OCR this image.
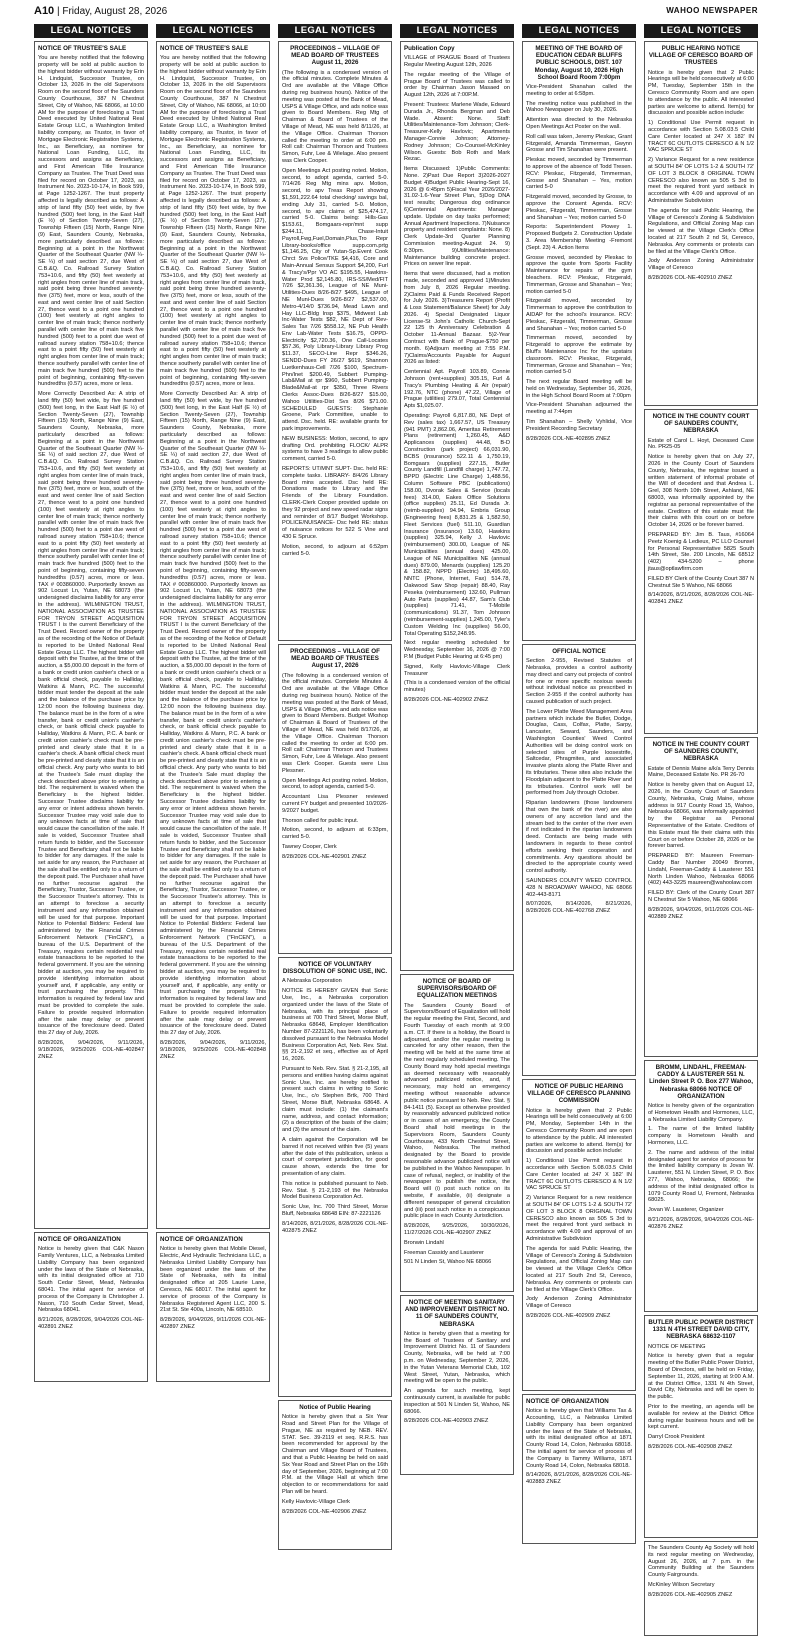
A10 | Friday, August 28, 2026	WAHOO NEWSPAPER
LEGAL NOTICES
NOTICE OF TRUSTEE'S SALE

You are hereby notified that the following property will be sold at public auction to the highest bidder without warranty by Erin H. Lindquist, Successor Trustee, on October 13, 2026 in the old Supervisors Room on the second floor of the Saunders County Courthouse, 387 N Chestnut Street, City of Wahoo, NE 68066, at 10:00 AM for the purpose of foreclosing a Trust Deed executed by United National Real Estate Group LLC, a Washington limited liability company, as Trustor, in favor of Mortgage Electronic Registration Systems, Inc., as Beneficiary, as nominee for National Loan Funding, LLC, its successors and assigns as Beneficiary, and First American Title Insurance Company as Trustee. The Trust Deed was filed for record on October 17, 2023, as Instrument No. 2023-10-174, in Book 599, at Page 1252-1267. The trust property affected is legally described as follows: A strip of land fifty (50) feet wide, by five hundred (500) feet long, in the East Half (E ½) of Section Twenty-Seven (27), Township Fifteen (15) North, Range Nine (9) East, Saunders County, Nebraska, more particularly described as follows: Beginning at a point in the Northwest Quarter of the Southeast Quarter (NW ¼-SE ¼) of said section 27, due West of C.B.&Q. Co. Railroad Survey Station 753+10.6, and fifty (50) feet westerly at right angles from center line of main track, said point being three hundred seventy-five (375) feet, more or less, south of the east and west center line of said Section 27, thence west to a point one hundred (100) feet westerly at right angles to center line of main track; thence northerly parallel with center line of main track five hundred (500) feet to a point due west of railroad survey station 758+10.6; thence east to a point fifty (50) feet westerly at right angles from center line of main track; thence southerly parallel with center line of main track five hundred (500) feet to the point of beginning, containing fifty-seven hundredths (0.57) acres, more or less.

More Correctly Described As: A strip of land fifty (50) feet wide, by five hundred (500) feet long, in the East Half (E ½) of Section Twenty-Seven (27), Township Fifteen (15) North, Range Nine (9) East, Saunders County, Nebraska, more particularly described as follows: Beginning at a point in the Northwest Quarter of the Southeast Quarter (NW ¼-SE ¼) of said section 27, due West of C.B.&Q. Co. Railroad Survey Station 753+10.6, and fifty (50) feet westerly at right angles from center line of main track, said point being three hundred seventy-five (375) feet, more or less, south of the east and west center line of said Section 27, thence west to a point one hundred (100) feet westerly at right angles to center line of main track; thence northerly parallel with center line of main track five hundred (500) feet to a point due west of railroad survey station 758+10.6; thence east to a point fifty (50) feet westerly at right angles from center line of main track; thence southerly parallel with center line of main track five hundred (500) feet to the point of beginning, containing fifty-seven hundredths (0.57) acres, more or less. TAX # 003860000. Purportedly known as 902 Locust Ln, Yutan, NE 68073 (the undersigned disclaims liability for any error in the address). WILMINGTON TRUST, NATIONAL ASSOCIATION AS TRUSTEE FOR TRYON STREET ACQUISITION TRUST I is the current Beneficiary of the Trust Deed. Record owner of the property as of the recording of the Notice of Default is reported to be United National Real Estate Group LLC. The highest bidder will deposit with the Trustee, at the time of the auction, a $5,000.00 deposit in the form of a bank or credit union cashier's check or a bank official check, payable to Halliday, Watkins & Mann, P.C. The successful bidder must tender the deposit at the sale and the balance of the purchase price by 12:00 noon the following business day. The balance must be in the form of a wire transfer, bank or credit union's cashier's check, or bank official check payable to Halliday, Watkins & Mann, P.C. A bank or credit union cashier's check must be pre-printed and clearly state that it is a cashier's check. A bank official check must be pre-printed and clearly state that it is an official check. Any party who wants to bid at the Trustee's Sale must display the check described above prior to entering a bid. The requirement is waived when the Beneficiary is the highest bidder. Successor Trustee disclaims liability for any error or intent address shown herein. Successor Trustee may void sale due to any unknown facts at time of sale that would cause the cancellation of the sale. If sale is voided, Successor Trustee shall return funds to bidder, and the Successor Trustee and Beneficiary shall not be liable to bidder for any damages. If the sale is set aside for any reason, the Purchaser at the sale shall be entitled only to a return of the deposit paid. The Purchaser shall have no further recourse against the Beneficiary, Trustor, Successor Trustee, or the Successor Trustee's attorney. This is an attempt to foreclose a security instrument and any information obtained will be used for that purpose. Important Notice to Potential Bidders: Federal law administered by the Financial Crimes Enforcement Network ("FinCEN"), a bureau of the U.S. Department of the Treasury, requires certain residential real estate transactions to be reported to the federal government. If you are the winning bidder at auction, you may be required to provide identifying information about yourself and, if applicable, any entity or trust purchasing the property. This information is required by federal law and must be provided to complete the sale. Failure to provide required information after the sale may delay or prevent issuance of the foreclosure deed. Dated this 27 day of July, 2026.

8/28/2026, 9/04/2026, 9/11/2026, 9/18/2026, 9/25/2026 COL-NE-402847 ZNEZ
NOTICE OF ORGANIZATION

Notice is hereby given that C&K Nason Family Ventures, LLC, a Nebraska Limited Liability Company has been organized under the laws of the State of Nebraska, with its initial designated office at 710 South Cedar Street, Mead, Nebraska 68041. The initial agent for service of process of the Company is Christopher J. Nason, 710 South Cedar Street, Mead, Nebraska 68041.

8/21/2026, 8/28/2026, 9/04/2026 COL-NE-402891 ZNEZ
LEGAL NOTICES
NOTICE OF TRUSTEE'S SALE

You are hereby notified that the following property will be sold at public auction to the highest bidder without warranty by Erin H. Lindquist, Successor Trustee, on October 13, 2026 in the old Supervisors Room on the second floor of the Saunders County Courthouse, 387 N Chestnut Street, City of Wahoo, NE 68066, at 10:00 AM for the purpose of foreclosing a Trust Deed executed by United National Real Estate Group LLC, a Washington limited liability company, as Trustor, in favor of Mortgage Electronic Registration Systems, Inc., as Beneficiary, as nominee for National Loan Funding, LLC, its successors and assigns as Beneficiary, and First American Title Insurance Company as Trustee. The Trust Deed was filed for record on October 17, 2023, as Instrument No. 2023-10-174, in Book 599, at Page 1252-1267. The trust property affected is legally described as follows: A strip of land fifty (50) feet wide, by five hundred (500) feet long, in the East Half (E ½) of Section Twenty-Seven (27), Township Fifteen (15) North, Range Nine (9) East, Saunders County, Nebraska, more particularly described as follows: Beginning at a point in the Northwest Quarter of the Southeast Quarter (NW ¼-SE ¼) of said section 27, due West of C.B.&Q. Co. Railroad Survey Station 753+10.6, and fifty (50) feet westerly at right angles from center line of main track, said point being three hundred seventy-five (375) feet, more or less, south of the east and west center line of said Section 27, thence west to a point one hundred (100) feet westerly at right angles to center line of main track; thence northerly parallel with center line of main track five hundred (500) feet to a point due west of railroad survey station 758+10.6; thence east to a point fifty (50) feet westerly at right angles from center line of main track; thence southerly parallel with center line of main track five hundred (500) feet to the point of beginning, containing fifty-seven hundredths (0.57) acres, more or less.

More Correctly Described As: A strip of land fifty (50) feet wide, by five hundred (500) feet long, in the East Half (E ½) of Section Twenty-Seven (27), Township Fifteen (15) North, Range Nine (9) East, Saunders County, Nebraska, more particularly described as follows: Beginning at a point in the Northwest Quarter of the Southeast Quarter (NW ¼-SE ¼) of said section 27, due West of C.B.&Q. Co. Railroad Survey Station 753+10.6, and fifty (50) feet westerly at right angles from center line of main track, said point being three hundred seventy-five (375) feet, more or less, south of the east and west center line of said Section 27, thence west to a point one hundred (100) feet westerly at right angles to center line of main track; thence northerly parallel with center line of main track five hundred (500) feet to a point due west of railroad survey station 758+10.6; thence east to a point fifty (50) feet westerly at right angles from center line of main track; thence southerly parallel with center line of main track five hundred (500) feet to the point of beginning, containing fifty-seven hundredths (0.57) acres, more or less. TAX # 003860000. Purportedly known as 902 Locust Ln, Yutan, NE 68073 (the undersigned disclaims liability for any error in the address). WILMINGTON TRUST, NATIONAL ASSOCIATION AS TRUSTEE FOR TRYON STREET ACQUISITION TRUST I is the current Beneficiary of the Trust Deed. Record owner of the property as of the recording of the Notice of Default is reported to be United National Real Estate Group LLC. The highest bidder will deposit with the Trustee, at the time of the auction, a $5,000.00 deposit in the form of a bank or credit union cashier's check or a bank official check, payable to Halliday, Watkins & Mann, P.C. The successful bidder must tender the deposit at the sale and the balance of the purchase price by 12:00 noon the following business day. The balance must be in the form of a wire transfer, bank or credit union's cashier's check, or bank official check payable to Halliday, Watkins & Mann, P.C. A bank or credit union cashier's check must be pre-printed and clearly state that it is a cashier's check. A bank official check must be pre-printed and clearly state that it is an official check. Any party who wants to bid at the Trustee's Sale must display the check described above prior to entering a bid. The requirement is waived when the Beneficiary is the highest bidder. Successor Trustee disclaims liability for any error or intent address shown herein. Successor Trustee may void sale due to any unknown facts at time of sale that would cause the cancellation of the sale. If sale is voided, Successor Trustee shall return funds to bidder, and the Successor Trustee and Beneficiary shall not be liable to bidder for any damages. If the sale is set aside for any reason, the Purchaser at the sale shall be entitled only to a return of the deposit paid. The Purchaser shall have no further recourse against the Beneficiary, Trustor, Successor Trustee, or the Successor Trustee's attorney. This is an attempt to foreclose a security instrument and any information obtained will be used for that purpose. Important Notice to Potential Bidders: Federal law administered by the Financial Crimes Enforcement Network ("FinCEN"), a bureau of the U.S. Department of the Treasury, requires certain residential real estate transactions to be reported to the federal government. If you are the winning bidder at auction, you may be required to provide identifying information about yourself and, if applicable, any entity or trust purchasing the property. This information is required by federal law and must be provided to complete the sale. Failure to provide required information after the sale may delay or prevent issuance of the foreclosure deed. Dated this 27 day of July, 2026.

8/28/2026, 9/04/2026, 9/11/2026, 9/18/2026, 9/25/2026 COL-NE-402848 ZNEZ
NOTICE OF ORGANIZATION

Notice is hereby given that Mobile Diesel, Electric, And Hydraulic Technicians LLC, a Nebraska Limited Liability Company has been organized under the laws of the State of Nebraska, with its initial designated office at 205 Laurie Lane, Ceresco, NE 68017. The initial agent for service of process of the Company is Nebraska Registered Agent LLC, 200 S. 21st St. Ste 400a, Lincoln, NE 68510.

8/28/2026, 9/04/2026, 9/11/2026 COL-NE-402897 ZNEZ
LEGAL NOTICES
PROCEEDINGS – VILLAGE OF MEAD BOARD OF TRUSTEES August 11, 2026

(The following is a condensed version of the official minutes. Complete Minutes & Ord are available at the Village Office during reg business hours). Notice of the meeting was posted at the Bank of Mead, USPS & Village Office, and ads notice was given to Board Members. Reg Mtg of Chairman & Board of Trustees of the Village of Mead, NE was held 8/11/26, at the Village Office. Chairman Thorson called the meeting to order at 6:00 pm. Roll call: Chairman Thorson and Trustees Simon, Fuhr, Lee & Wielage. Also present was Clerk Cooper.

Open Meetings Act posting noted. Motion, second, to adopt agenda, carried 5-0. 7/14/26 Reg Mtg mins apv. Motion, second, to apv Treas Report showing $1,591,222.64 total checking/ savings bal, ending July 31, carried 5-0. Motion, second, to apv claims of $25,474.17, carried 5-0. Claims being: Hills-Gas $153.61, Bomgaars-repr/mnt supp $244.11, Chase-Intuit Payroll,Fwg,Fuel,Domain,Plus,Tro Repr Library-books/office supp.com.prtg $1,146.25, City of Yutan-Sp.Event Cook Chrct Svs Police/TKE $4,416, Core and Main-Annual Sensus Support $4,200, Furl & Tracy's/Ppr VO AC $195.55, Hawkins-Water Prod $2,145.80, IRS-SS/Med/FIT 7/26 $2,361.36, League of NE Muni-Utilities-Dues 8/26-8/27 $495, League of NE Muni-Dues 9/26-8/27 $2,537.00, Metro-4/14/0 $736.94, Mead Lawn and Hay LLC-Bldg Insp $375, Midwest Lab Inc-Water Tests $82, NE Dept of Rev-Sales Tax 7/26 $558.12, NE Pub Health Env Lab-Water Tests $16.75, OPPD-Electricity $2,720.36, One Call-Locates $57.36, Poly Library-Library Library Prog $11.37, SECO-Line Repr $346.26, SENDD-Dues FY 26/27 $619, Shannon Luetkenhaus-Cell 7/26 $100, Spectrum-Phn/Inet $200.49, Subbert Pumping-Lab&Mail at rpr $960, Subbert Pumping-Blade&Mail-at rpr $350, Three Rivers Clerks Assoc-Dues 8/26-8/27 $15.00, Wahoo Utilities-Dist Svs 8/26 $71.00. SCHEDULED GUESTS: Stephanie Groene, Park Committee, unable to attend. Dsc. held. RE: available grants for park improvements.

NEW BUSINESS: Motion, second, to apv drafting Ord. prohibiting FLOCK/ ALPR systems to have 3 readings to allow public comment, carried 5-0.

REPORTS: UT/MNT SUPT- Dsc. held RE: complete tasks. LIBRARY- 8/4/26 Library Board mins accepted. Dsc held RE: Donations made to Library and the Friends of the Library Foundation. CLERK-Clerk Cooper provided update on they 92 project and new speed radar signs and reminder of 8/17 Budget Workshop. POLICE/NUISANCE- Dsc held RE: status of nuisance notices for 522 S Vine and 430 E Spruce.

Motion, second, to adjourn at 6:52pm carried 5-0.

PROCEEDINGS – VILLAGE OF MEAD BOARD OF TRUSTEES August 17, 2026

(The following is a condensed version of the official minutes. Complete Minutes & Ord are available at the Village Office during reg business hours). Notice of the meeting was posted at the Bank of Mead, USPS & Village Office, and ads notice was given to Board Members. Budget Wkshop of Chairman & Board of Trustees of the Village of Mead, NE was held 8/17/26, at the Village Office. Chairman Thorson called the meeting to order at 6:00 pm. Roll call: Chairman Thorson and Trustees Simon, Fuhr, Lee & Wielage. Also present was Clerk Cooper. Guests were Lisa Plessner.

Open Meetings Act posting noted. Motion, second, to adopt agenda, carried 5-0.

Accountant Lisa Plessner reviewed current FY budget and presented 10/2026-9/2027 budget.

Thorson called for public input.

Motion, second, to adjourn at 6:33pm, carried 5-0.

Tawney Cooper, Clerk

8/28/2026 COL-NE-402901 ZNEZ
NOTICE OF VOLUNTARY DISSOLUTION OF SONIC USE, INC.

A Nebraska Corporation

NOTICE IS HEREBY GIVEN that Sonic Use, Inc., a Nebraska corporation organized under the laws of the State of Nebraska, with its principal place of business at 700 Third Street, Morse Bluff, Nebraska 68648, Employer Identification Number 87-2221126, has been voluntarily dissolved pursuant to the Nebraska Model Business Corporation Act, Neb. Rev. Stat. §§ 21-2,192 et seq., effective as of April 16, 2026.

Pursuant to Neb. Rev. Stat. § 21-2,195, all persons and entities having claims against Sonic Use, Inc. are hereby notified to present such claims in writing to Sonic Use, Inc., c/o Stephen Brtk, 700 Third Street, Morse Bluff, Nebraska 68648. A claim must include: (1) the claimant's name, address, and contact information; (2) a description of the basis of the claim; and (3) the amount of the claim.

A claim against the Corporation will be barred if not received within five (5) years after the date of this publication, unless a court of competent jurisdiction, for good cause shown, extends the time for presentation of any claim.

This notice is published pursuant to Neb. Rev. Stat. § 21-2,193 of the Nebraska Model Business Corporation Act.

Sonic Use, Inc. 700 Third Street, Morse Bluff, Nebraska 68648 EIN: 87-2221126

8/14/2026, 8/21/2026, 8/28/2026 COL-NE-402875 ZNEZ
Notice of Public Hearing

Notice is hereby given that a Six Year Road and Street Plan for the Village of Prague, NE as required by NEB. REV. STAT. Sec. 39-2119 et seq. R.R.S. has been recommended for approval by the Chairman and Village Board of Trustees, and that a Public Hearing be held on said Six Year Road and Street Plan on the 16th day of September, 2026, beginning at 7:00 P.M. at the Village Hall at which time objection to or recommendations for said Plan will be heard.

Kelly Havlovic-Village Clerk

8/28/2026 COL-NE-402906 ZNEZ
LEGAL NOTICES
Publication Copy

VILLAGE of PRAGUE Board of Trustees Regular Meeting August 12th, 2026

The regular meeting of the Village of Prague Board of Trustees was called to order by Chairman Jason Masaed on August 12th, 2026 at 7:00P.M.

Present: Trustees: Marlene Wade, Edward Durada Jr., Rhonda Bergman and Deb Wade. Absent: None. Staff: Utilities/Maintenance-Tom Johnson; Clerk-Treasurer-Kelly Havlovic; Apartments Manager-Connie Johnson; Attorney-Rodney Johnson; Co-Counsel-McKinley Wilson. Guests: Bob Roth and Mark Rezac.

Items Discussed: 1)Public Comments: None. 2)Past Due Report 3)2026-2027 Budget 4)Budget Public Hearing-Sept 16, 2026 @ 6:45pm 5)Fiscal Year 2026/2027-31.02-1.6-Year Street Plan, 5)Dog DNA test results; Dangerous dog ordinance 6)Centennial Apartments: Manager update. Update on day tasks performed; Annual Apartment Inspections. 7)Nuisance property and resident complaints: None. 8) Clerk Update-3rd Quarter Planning Commission meeting-August 24. 9) 6:30pm. 9)Utilities/Maintenance: Maintenance building concrete project. Prices on sewer line repair.

Items that were discussed, had a motion made, seconded and approved 1)Minutes from July 8, 2026 Regular meeting. 2)Claims Paid & Funds Received Report for July 2026. 3)Treasurers Report (Profit & Loss Statement/Balance Sheet) for July 2026. 4) Special Designated Liquor License-St John's Catholic Church-Sept 22 125 th Anniversary Celebration & October 11-Annual Bazaar. 5)2-Year Contract with Bank of Prague-$750 per month. 6)Adjourn meeting at 7:55 P.M. 7)Claims/Accounts Payable for August 2026 as listed:

Centennial Apt. Payroll 103.89, Connie Johnson (rent+supplies) 305.15, Furl & Tracy's Plumbing Heating & Air (repair) 192.76, NTC (phone) 47.22, Village of Prague (utilities) 279.07, Total Centennial Apts $1,025.07.

Operating: Payroll 6,817.80, NE Dept of Rev (sales tax) 1,667.57, US Treasury (941 PMT) 2,862.06, Ameritas Retirement Plans (retirement) 1,260.45, A&D Applicances (supplies) 44.48, B-D Construction (park project) 66,031.90, BCBS (insurance) 522.11 & 1,750.19, Bomgaars (supplies) 227.15, Butler County Landfill (Landfill charge) 1,747.72, BPPD (Electric Line Charge) 1,488.56, Column Software PBC (publications) 158.00, Dvorak Sales & Service (locals fees) 314.00, Eakes Office Solutions (office supplies) 25.11, Ed Durada Jr. (reimb-supplies) 94.94, Embria Group (Engineering fees) 8,831.25 & 1,582.50, Fleet Services (fuel) 511.10, Guardian Insurance (insurance) 13.60, Hawkins (supplies) 325.94, Kelly J. Havlovic (reimbursement) 300.00, League of NE Municipalities (annual dues) 425.00, League of NE Municipalities NE (annual dues) 879.00, Menards (supplies) 125.20 & 158.82, NPPD (Electric) 18,495.60, NNTC (Phone, Internet, Fax) 514.78, Oakwood Saw Shop (repair) 88.40, Ray Peseka (reimbursement) 132.60, Pullman Auto Parts (supplies) 44.87, Sam's Club (supplies) 71.41, T-Mobile (communications) 91.37, Tom Johnson (reimbursement-supplies) 1,245.00, Tyler's Custom Welding Inc (supplies) 56.00, Total Operating $152,248.95.

Next regular meeting scheduled for Wednesday, September 16, 2026 @ 7:00 P.M (Budget Public Hearing at 6:45 pm)

Signed, Kelly Havlovic-Village Clerk Treasurer

(This is a condensed version of the official minutes)

8/28/2026 COL-NE-402902 ZNEZ
NOTICE OF BOARD OF SUPERVISORS/BOARD OF EQUALIZATION MEETINGS

The Saunders County Board of Supervisors/Board of Equalization will hold the regular meeting the First, Second, and Fourth Tuesday of each month at 9:00 a.m. CT. If there is a holiday, the Board is adjourned, and/or the regular meeting is canceled for any other reason, then the meeting will be held at the same time at the next regularly scheduled meeting. The County Board may hold special meetings as deemed necessary with reasonably advanced publicized notice, and, if necessary, may hold an emergency meeting without reasonable advance public notice pursuant to Neb. Rev. Stat. § 84-1411 (5). Except as otherwise provided by reasonably advanced publicized notice or in cases of an emergency, the County Board shall hold meetings in the Supervisors Room, Saunders County Courthouse, 433 North Chestnut Street, Wahoo, Nebraska. The method designated by the Board to provide reasonable advance publicized notice will be published in the Wahoo Newspaper. In case of refusal, neglect, or inability of the newspaper to publish the notice, the Board will (i) post such notice on its website, if available, (ii) designate a different newspaper of general circulation and (iii) post such notice in a conspicuous public place in each County Jurisdiction.

8/28/2026, 9/25/2026, 10/30/2026, 11/27/2026 COL-NE-402907 ZNEZ

Bronwin Lindahl

Freeman Cassidy and Lausterer

501 N Linden St, Wahoo NE 68066

NOTICE OF MEETING SANITARY AND IMPROVEMENT DISTRICT NO. 11 OF SAUNDERS COUNTY, NEBRASKA

Notice is hereby given that a meeting for the Board of Trustees of Sanitary and Improvement District No. 11 of Saunders County, Nebraska, will be held at 7:00 p.m. on Wednesday, September 2, 2026, in the Yutan Veterans Memorial Club, 102 West Street, Yutan, Nebraska, which meeting will be open to the public.

An agenda for such meeting, kept continuously current, is available for public inspection at 501 N Linden St, Wahoo, NE 68066.

8/28/2026 COL-NE-402903 ZNEZ
LEGAL NOTICES
MEETING OF THE BOARD OF EDUCATION CEDAR BLUFFS PUBLIC SCHOOLS, DIST. 107 Monday, August 10, 2026 High School Board Room 7:00pm

Vice-President Shanahan called the meeting to order at 6:58pm.

The meeting notice was published in the Wahoo Newspaper on July 30, 2026.

Attention was directed to the Nebraska Open Meetings Act Poster on the wall.

Roll call was taken, Jeremy Pleskac, Grant Fitzgerald, Amanda Timmerman, Gwynn Grosse and Tim Shanahan were present.

Pleskac moved, seconded by Timmerman to approve of the absence of Todd Tresen. RCV: Pleskac, Fitzgerald, Timmerman, Grosse and Shanahan – Yes, motion carried 5-0

Fitzgerald moved, seconded by Grosse, to approve the Consent Agenda. RCV: Pleskac, Fitzgerald, Timmerman, Grosse and Shanahan – Yes; motion carried 5-0

Reports: Superintendent Plowey 1. Proposed Budgets 2. Construction Update 3. Area Membership Meeting -Fremont (Sept. 23) 4. Action Items

Grosse moved, seconded by Pleskac to approve the quote from Sports Facility Maintenance for repairs of the gym bleachers. RCV: Pleskac, Fitzgerald, Timmerman, Grosse and Shanahan – Yes; motion carried 5-0

Fitzgerald moved, seconded by Timmerman to approve the contribution to AIDAP for the school's insurance. RCV: Pleskac, Fitzgerald, Timmerman, Grosse and Shanahan – Yes; motion carried 5-0

Timmerman moved, seconded by Fitzgerald to approve the estimate by Bluff's Maintenance Inc for the upstairs classroom. RCV: Pleskac, Fitzgerald, Timmerman, Grosse and Shanahan – Yes; motion carried 5-0

The next regular Board meeting will be held on Wednesday, September 16, 2026, in the High School Board Room at 7:00pm

Vice-President Shanahan adjourned the meeting at 7:44pm

Tim Shanahan – Shelly Vyhlidal, Vice President Recording Secretary

8/28/2026 COL-NE-402895 ZNEZ
OFFICIAL NOTICE

Section 2-955, Revised Statutes of Nebraska, provides a control authority may direct and carry out projects of control for one or more specific noxious weeds without individual notice as prescribed in Section 2-955 if the control authority has caused publication of such project.

The Lower Platte Weed Management Area partners which include the Butler, Dodge, Douglas, Cass, Colfax, Platte, Sarpy, Lancaster, Seward, Saunders, and Washington Counties' Weed Control Authorities will be doing control work on selected sites of Purple loosestrife, Saltcedar, Phragmites, and associated invasive plants along the Platte River and its tributaries. These sites also include the Floodplain adjacent to the Platte River and its tributaries. Control work will be performed from July through October.

Riparian landowners (those landowners that own the bank of the river) are also owners of any accretion land and the stream bed to the center of the river even if not indicated in the riparian landowners deed. Contacts are being made with landowners in regards to these control efforts seeking their cooperation and commitments. Any questions should be directed to the appropriate county weed control authority.

SAUNDERS COUNTY WEED CONTROL 428 N BROADWAY WAHOO, NE 68066 402-443-8171

8/07/2026, 8/14/2026, 8/21/2026, 8/28/2026 COL-NE-402768 ZNEZ
NOTICE OF PUBLIC HEARING VILLAGE OF CERESCO PLANNING COMMISSION

Notice is hereby given that 2 Public Hearings will be held consecutively at 6:00 PM, Monday, September 14th in the Ceresco Community Room and are open to attendance by the public. All interested parties are welcome to attend. Item(s) for discussion and possible action include:

1) Conditional Use Permit request in accordance with Section 5.08.03.5 Child Care Center located at 247 X 182' IN TRACT 6C OUTLOTS CERESCO & N 1/2 VAC SPRUCE ST

2) Variance Request for a new residence at SOUTH 84' OF LOTS 1-2 & SOUTH 72' OF LOT 3 BLOCK 8 ORIGINAL TOWN CERESCO also known as 505 S 3rd to meet the required front yard setback in accordance with 4.09 and approval of an Administrative Subdivision

The agenda for said Public Hearing, the Village of Ceresco's Zoning & Subdivision Regulations, and Official Zoning Map can be viewed at the Village Clerk's Office located at 217 South 2nd St, Ceresco, Nebraska. Any comments or protests can be filed at the Village Clerk's Office.

Jody Anderson Zoning Administrator Village of Ceresco

8/28/2026 COL-NE-402909 ZNEZ
NOTICE OF ORGANIZATION

Notice is hereby given that Williams Tax & Accounting, LLC, a Nebraska Limited Liability Company has been organized under the laws of the State of Nebraska, with its initial designated office at 1871 County Road 14, Colon, Nebraska 68018. The initial agent for service of process of the Company is Tammy Williams, 1871 County Road 14, Colon, Nebraska 68018.

8/14/2026, 8/21/2026, 8/28/2026 COL-NE-402883 ZNEZ
LEGAL NOTICES
PUBLIC HEARING NOTICE VILLAGE OF CERESCO BOARD OF TRUSTEES

Notice is hereby given that 2 Public Hearings will be held consecutively at 6:00 PM, Tuesday, September 15th in the Ceresco Community Room and are open to attendance by the public. All interested parties are welcome to attend. Item(s) for discussion and possible action include:

1) Conditional Use Permit request in accordance with Section 5.08.03.5 Child Care Center located at 247 X 182' IN TRACT 6C OUTLOTS CERESCO & N 1/2 VAC SPRUCE ST

2) Variance Request for a new residence at SOUTH 84' OF LOTS 1-2 & SOUTH 72' OF LOT 3 BLOCK 8 ORIGINAL TOWN CERESCO also known as 505 S 3rd to meet the required front yard setback in accordance with 4.09 and approval of an Administrative Subdivision

The agenda for said Public Hearing, the Village of Ceresco's Zoning & Subdivision Regulations, and Official Zoning Map can be viewed at the Village Clerk's Office located at 217 South 2 nd St, Ceresco, Nebraska. Any comments or protests can be filed at the Village Clerk's Office.

Jody Anderson Zoning Administrator Village of Ceresco

8/28/2026 COL-NE-402910 ZNEZ
NOTICE IN THE COUNTY COURT OF SAUNDERS COUNTY, NEBRASKA

Estate of Carol L. Hoyt, Deceased Case No. PR25-05

Notice is hereby given that on July 27, 2026 in the County Court of Saunders County, Nebraska, the registrar issued a written statement of informal probate of the Will of decedent and that Andrea L. Grel, 308 North 10th Street, Ashland, NE 68003, was informally appointed by the registrar as personal representative of the estate. Creditors of this estate must file their claims with this court on or before October 14, 2026 or be forever barred.

PREPARED BY: Jim B. Taus, #16064 Peetz Koenig & Ledieux, PC LLO Counsel for Personal Representative 5825 South 14th Street, Ste. 200 Lincoln, NE 68512 (402) 434-5200 – phone jtaus@optlawfirm.com

FILED BY Clerk of the County Court 387 N Chestnut Ste 5 Wahoo, NE 68066

8/14/2026, 8/21/2026, 8/28/2026 COL-NE-402841 ZNEZ
NOTICE IN THE COUNTY COURT OF SAUNDERS COUNTY, NEBRASKA

Estate of Dennis Maine a/k/a Terry Dennis Maine, Deceased Estate No. PR 26-70

Notice is hereby given that on August 12, 2026, in the County Court of Saunders County, Nebraska, Craig Maine, whose address is 917 County Road 15, Wahoo, Nebraska 68066, was informally appointed by the Registrar as Personal Representative of the Estate. Creditors of this Estate must file their claims with this Court on or before October 28, 2026 or be forever barred.

PREPARED BY: Maureen Freeman-Caddy Bar Number 20049 Bromm, Lindahl, Freeman-Caddy & Lausterer 551 North Linden Wahoo, Nebraska 68066 (402) 443-3225 maureen@wahoolaw.com

FILED BY: Clerk of the County Court 387 N Chestnut Ste 5 Wahoo, NE 68066

8/28/2026, 9/04/2026, 9/11/2026 COL-NE-402889 ZNEZ
BROMM, LINDAHL, FREEMAN-CADDY & LAUSTERER 551 N. Linden Street P. O. Box 277 Wahoo, Nebraska 68066 NOTICE OF ORGANIZATION

Notice is hereby given of the organization of Hometown Health and Hormones, LLC, a Nebraska Limited Liability Company.

1. The name of the limited liability company is Hometown Health and Hormones, LLC.

2. The name and address of the initial designated agent for service of process for the limited liability company is Jovan W. Lausterer, 551 N. Linden Street, P. O. Box 277, Wahoo, Nebraska, 68066; the address of the initial designated office is 1079 County Road U, Fremont, Nebraska 68025.

Jovan W. Lausterer, Organizer

8/21/2026, 8/28/2026, 9/04/2026 COL-NE-402876 ZNEZ
BUTLER PUBLIC POWER DISTRICT 1331 N 4TH STREET DAVID CITY, NEBRASKA 68632-1107

NOTICE OF MEETING

Notice is hereby given that a regular meeting of the Butler Public Power District, Board of Directors, will be held on Friday, September 11, 2026, starting at 9:00 A.M. at the District Office, 1331 N 4th Street, David City, Nebraska and will be open to the public.

Prior to the meeting, an agenda will be available for review at the District Office during regular business hours and will be kept current.

Darryl Crook President

8/28/2026 COL-NE-402908 ZNEZ

The Saunders County Ag Society will hold its next regular meeting on Wednesday, August 26, 2026, at 7 p.m. in the Community Building at the Saunders County Fairgrounds.

McKinley Wilson Secretary

8/28/2026 COL-NE-402905 ZNEZ
